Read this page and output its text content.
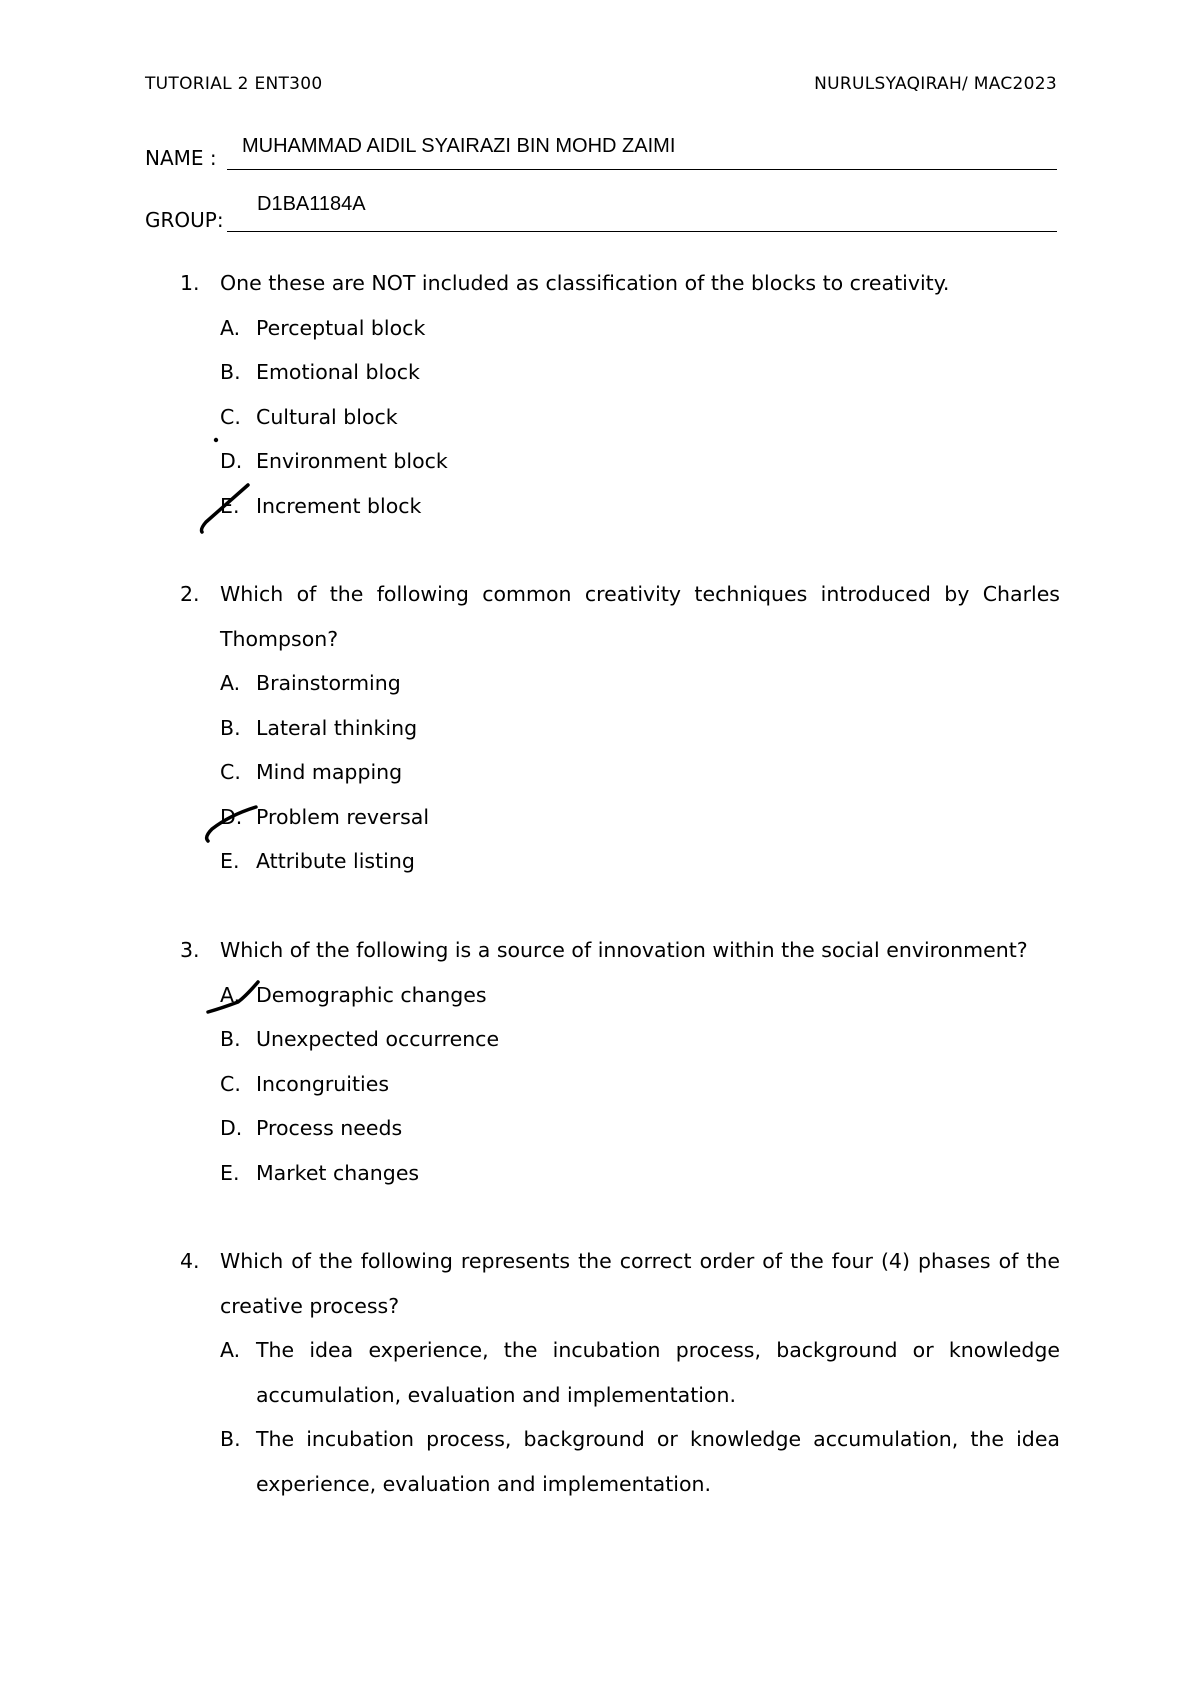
TUTORIAL 2 ENT300	NURULSYAQIRAH/ MAC2023
NAME : MUHAMMAD AIDIL SYAIRAZI BIN MOHD ZAIMI
GROUP:
D1BA1184A
1. One these are NOT included as classification of the blocks to creativity.
A. Perceptual block
B. Emotional block
C. Cultural block
D. Environment block
E. Increment block
2. Which of the following common creativity techniques introduced by Charles Thompson?
A. Brainstorming
B. Lateral thinking
C. Mind mapping
D. Problem reversal
E. Attribute listing
3. Which of the following is a source of innovation within the social environment?
A. Demographic changes
B. Unexpected occurrence
C. Incongruities
D. Process needs
E. Market changes
4. Which of the following represents the correct order of the four (4) phases of the creative process?
A. The idea experience, the incubation process, background or knowledge accumulation, evaluation and implementation.
B. The incubation process, background or knowledge accumulation, the idea experience, evaluation and implementation.
